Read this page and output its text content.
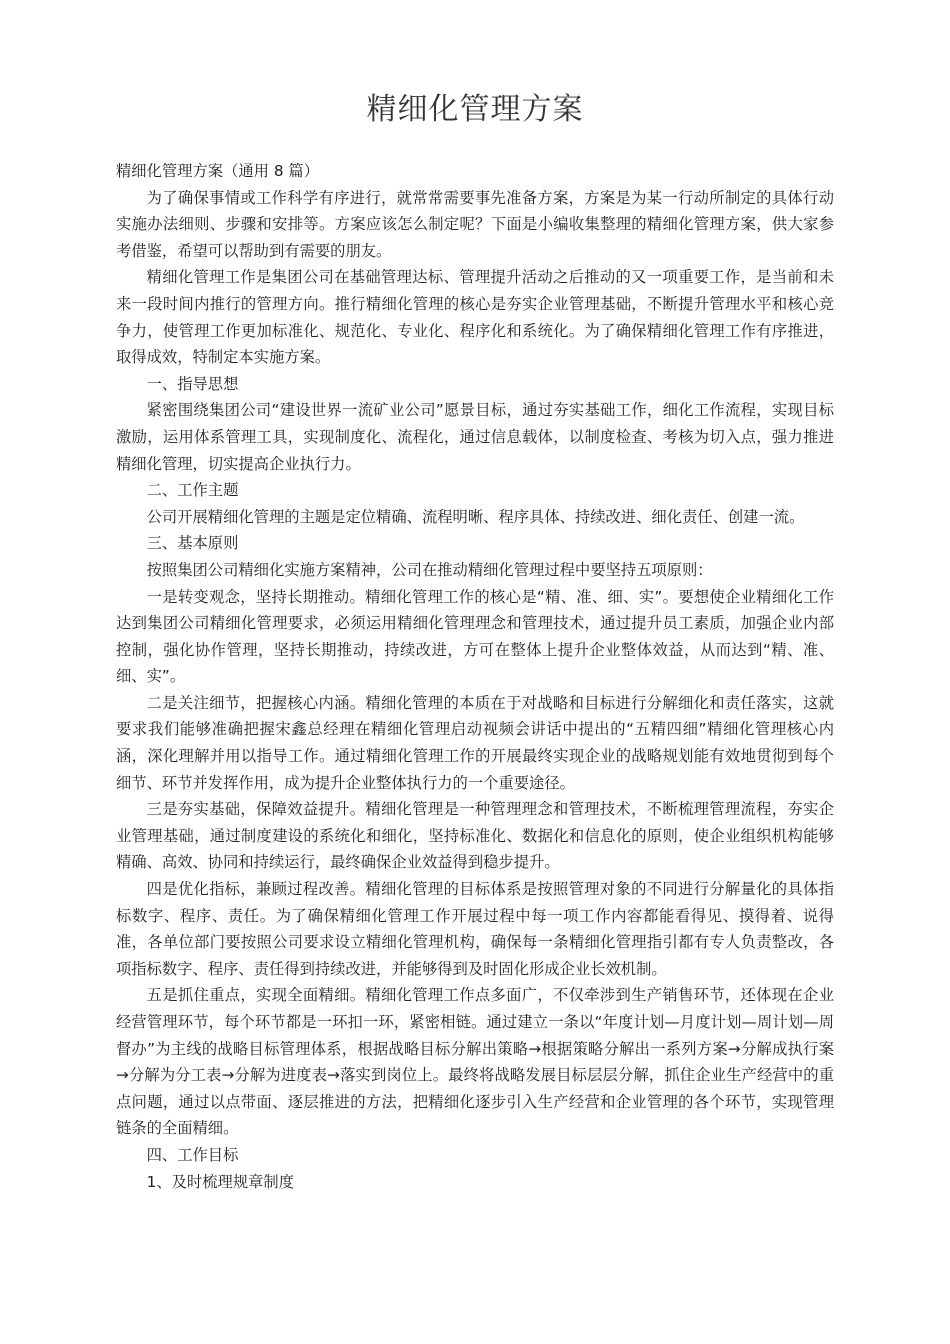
精细化管理方案

精细化管理方案（通用 8 篇）

为了确保事情或工作科学有序进行，就常常需要事先准备方案，方案是为某一行动所制定的具体行动实施办法细则、步骤和安排等。方案应该怎么制定呢？下面是小编收集整理的精细化管理方案，供大家参考借鉴，希望可以帮助到有需要的朋友。

精细化管理工作是集团公司在基础管理达标、管理提升活动之后推动的又一项重要工作，是当前和未来一段时间内推行的管理方向。推行精细化管理的核心是夯实企业管理基础，不断提升管理水平和核心竞争力，使管理工作更加标准化、规范化、专业化、程序化和系统化。为了确保精细化管理工作有序推进，取得成效，特制定本实施方案。

一、指导思想

紧密围绕集团公司“建设世界一流矿业公司”愿景目标，通过夯实基础工作，细化工作流程，实现目标激励，运用体系管理工具，实现制度化、流程化，通过信息载体，以制度检查、考核为切入点，强力推进精细化管理，切实提高企业执行力。

二、工作主题

公司开展精细化管理的主题是定位精确、流程明晰、程序具体、持续改进、细化责任、创建一流。

三、基本原则

按照集团公司精细化实施方案精神，公司在推动精细化管理过程中要坚持五项原则：

一是转变观念，坚持长期推动。精细化管理工作的核心是“精、准、细、实”。要想使企业精细化工作达到集团公司精细化管理要求，必须运用精细化管理理念和管理技术，通过提升员工素质，加强企业内部控制，强化协作管理，坚持长期推动，持续改进，方可在整体上提升企业整体效益，从而达到“精、准、细、实”。

二是关注细节，把握核心内涵。精细化管理的本质在于对战略和目标进行分解细化和责任落实，这就要求我们能够准确把握宋鑫总经理在精细化管理启动视频会讲话中提出的“五精四细”精细化管理核心内涵，深化理解并用以指导工作。通过精细化管理工作的开展最终实现企业的战略规划能有效地贯彻到每个细节、环节并发挥作用，成为提升企业整体执行力的一个重要途径。

三是夯实基础，保障效益提升。精细化管理是一种管理理念和管理技术，不断梳理管理流程，夯实企业管理基础，通过制度建设的系统化和细化，坚持标准化、数据化和信息化的原则，使企业组织机构能够精确、高效、协同和持续运行，最终确保企业效益得到稳步提升。

四是优化指标，兼顾过程改善。精细化管理的目标体系是按照管理对象的不同进行分解量化的具体指标数字、程序、责任。为了确保精细化管理工作开展过程中每一项工作内容都能看得见、摸得着、说得准，各单位部门要按照公司要求设立精细化管理机构，确保每一条精细化管理指引都有专人负责整改，各项指标数字、程序、责任得到持续改进，并能够得到及时固化形成企业长效机制。

五是抓住重点，实现全面精细。精细化管理工作点多面广，不仅牵涉到生产销售环节，还体现在企业经营管理环节，每个环节都是一环扣一环，紧密相链。通过建立一条以“年度计划—月度计划—周计划—周督办”为主线的战略目标管理体系，根据战略目标分解出策略→根据策略分解出一系列方案→分解成执行案→分解为分工表→分解为进度表→落实到岗位上。最终将战略发展目标层层分解，抓住企业生产经营中的重点问题，通过以点带面、逐层推进的方法，把精细化逐步引入生产经营和企业管理的各个环节，实现管理链条的全面精细。

四、工作目标

1、及时梳理规章制度
